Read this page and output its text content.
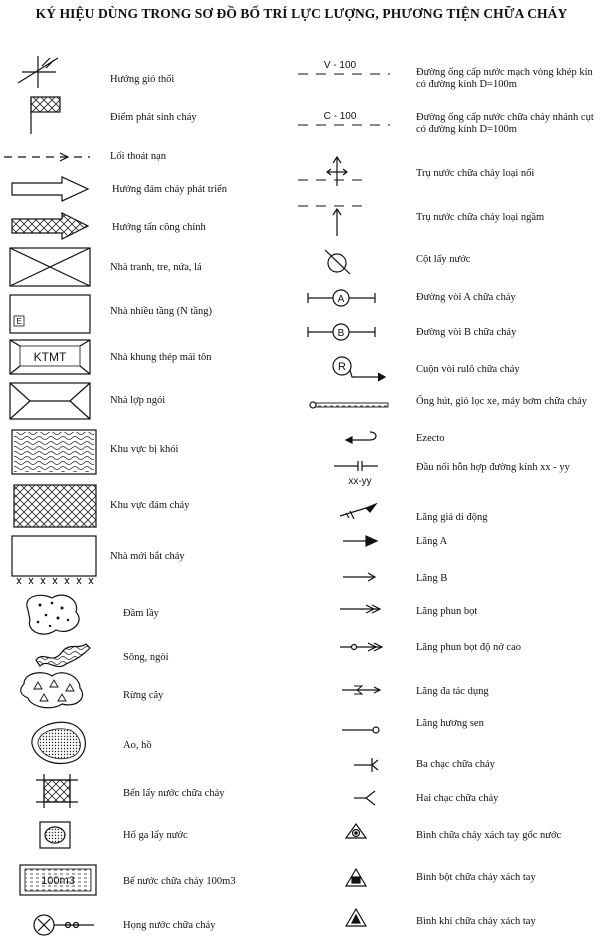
KÝ HIỆU DÙNG TRONG SƠ ĐỒ BỐ TRÍ LỰC LƯỢNG, PHƯƠNG TIỆN CHỮA CHÁY
E
KTMT
100m3
V - 100
C - 100
A
B
R
xx-yy
Hướng gió thổi
Điểm phát sinh cháy
Lối thoát nạn
Hướng đám cháy phát triển
Hướng tấn công chính
Nhà tranh, tre, nứa, lá
Nhà nhiều tầng (N tầng)
Nhà khung thép mái tôn
Nhà lợp ngói
Khu vực bị khói
Khu vực đám cháy
Nhà mới bắt cháy
Đầm lầy
Sông, ngòi
Rừng cây
Ao, hồ
Bến lấy nước chữa cháy
Hố ga lấy nước
Bể nước chữa cháy 100m3
Họng nước chữa cháy
Đường ống cấp nước mạch vòng khép kín có đường kính D=100m
Đường ống cấp nước chữa cháy nhánh cụt có đường kính D=100m
Trụ nước chữa cháy loại nổi
Trụ nước chữa cháy loại ngầm
Cột lấy nước
Đường vòi A chữa cháy
Đường vòi B chữa cháy
Cuộn vòi rulô chữa cháy
Ống hút, giỏ lọc xe, máy bơm chữa cháy
Ezecto
Đầu nối hỗn hợp đường kính xx - yy
Lăng giá di động
Lăng A
Lăng B
Lăng phun bọt
Lăng phun bọt độ nở cao
Lăng đa tác dụng
Lăng hương sen
Ba chạc chữa cháy
Hai chạc chữa cháy
Bình chữa cháy xách tay gốc nước
Bình bột chữa cháy xách tay
Bình khí chữa cháy xách tay
